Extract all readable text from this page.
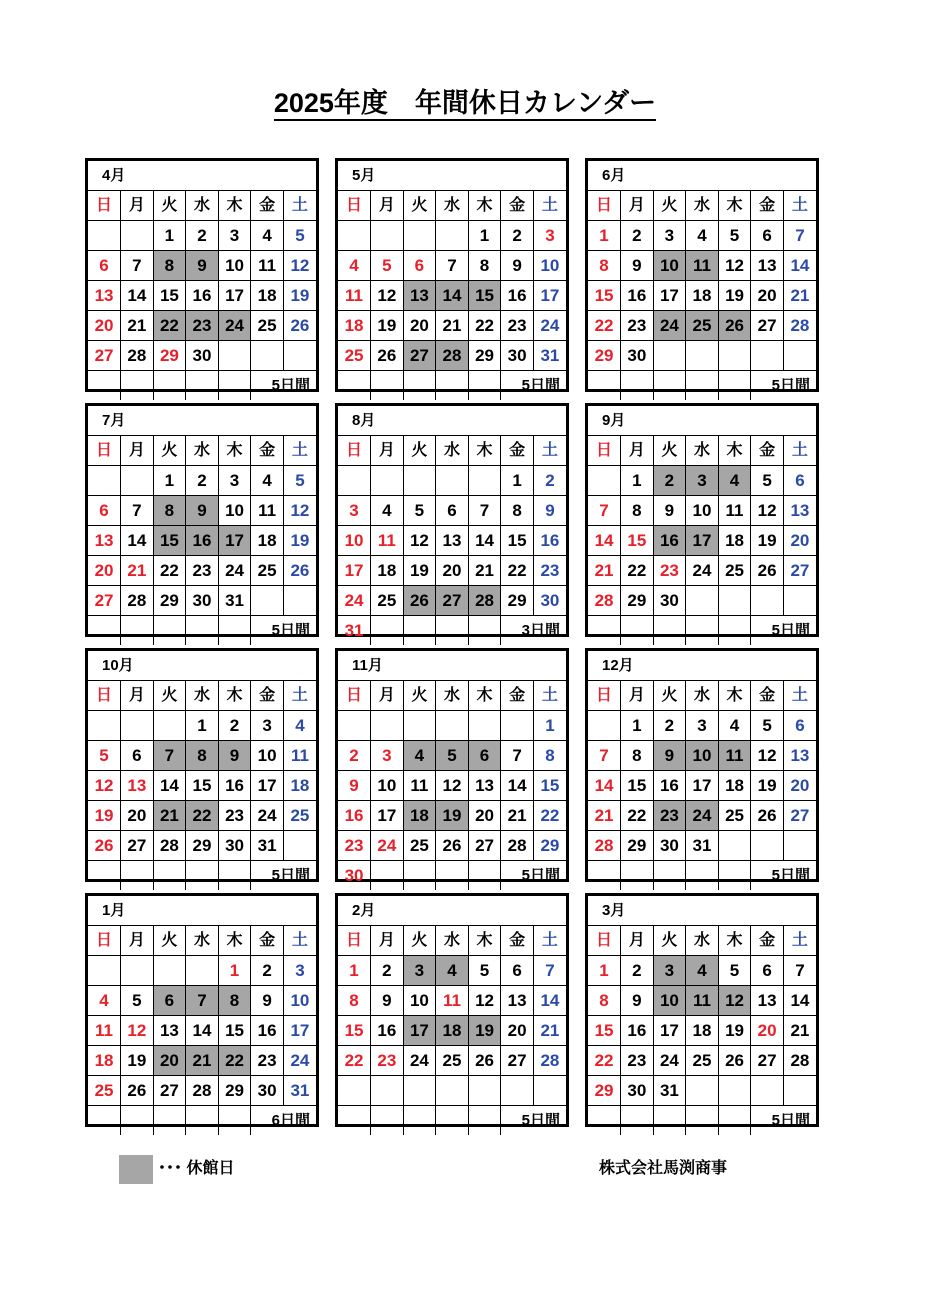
2025年度　年間休日カレンダー
4月						
日	月	火	水	木	金	土
		1	2	3	4	5
6	7	8	9	10	11	12
13	14	15	16	17	18	19
20	21	22	23	24	25	26
27	28	29	30			
					5日間	
5月						
日	月	火	水	木	金	土
				1	2	3
4	5	6	7	8	9	10
11	12	13	14	15	16	17
18	19	20	21	22	23	24
25	26	27	28	29	30	31
					5日間	
6月						
日	月	火	水	木	金	土
1	2	3	4	5	6	7
8	9	10	11	12	13	14
15	16	17	18	19	20	21
22	23	24	25	26	27	28
29	30					
					5日間	
7月						
日	月	火	水	木	金	土
		1	2	3	4	5
6	7	8	9	10	11	12
13	14	15	16	17	18	19
20	21	22	23	24	25	26
27	28	29	30	31		
					5日間	
8月						
日	月	火	水	木	金	土
					1	2
3	4	5	6	7	8	9
10	11	12	13	14	15	16
17	18	19	20	21	22	23
24	25	26	27	28	29	30
31					3日間	
9月						
日	月	火	水	木	金	土
	1	2	3	4	5	6
7	8	9	10	11	12	13
14	15	16	17	18	19	20
21	22	23	24	25	26	27
28	29	30				
					5日間	
10月						
日	月	火	水	木	金	土
			1	2	3	4
5	6	7	8	9	10	11
12	13	14	15	16	17	18
19	20	21	22	23	24	25
26	27	28	29	30	31	
					5日間	
11月						
日	月	火	水	木	金	土
						1
2	3	4	5	6	7	8
9	10	11	12	13	14	15
16	17	18	19	20	21	22
23	24	25	26	27	28	29
30					5日間	
12月						
日	月	火	水	木	金	土
	1	2	3	4	5	6
7	8	9	10	11	12	13
14	15	16	17	18	19	20
21	22	23	24	25	26	27
28	29	30	31			
					5日間	
1月						
日	月	火	水	木	金	土
				1	2	3
4	5	6	7	8	9	10
11	12	13	14	15	16	17
18	19	20	21	22	23	24
25	26	27	28	29	30	31
					6日間	
2月						
日	月	火	水	木	金	土
1	2	3	4	5	6	7
8	9	10	11	12	13	14
15	16	17	18	19	20	21
22	23	24	25	26	27	28

					5日間	
3月						
日	月	火	水	木	金	土
1	2	3	4	5	6	7
8	9	10	11	12	13	14
15	16	17	18	19	20	21
22	23	24	25	26	27	28
29	30	31				
					5日間	
･･･ 休館日	株式会社馬渕商事
